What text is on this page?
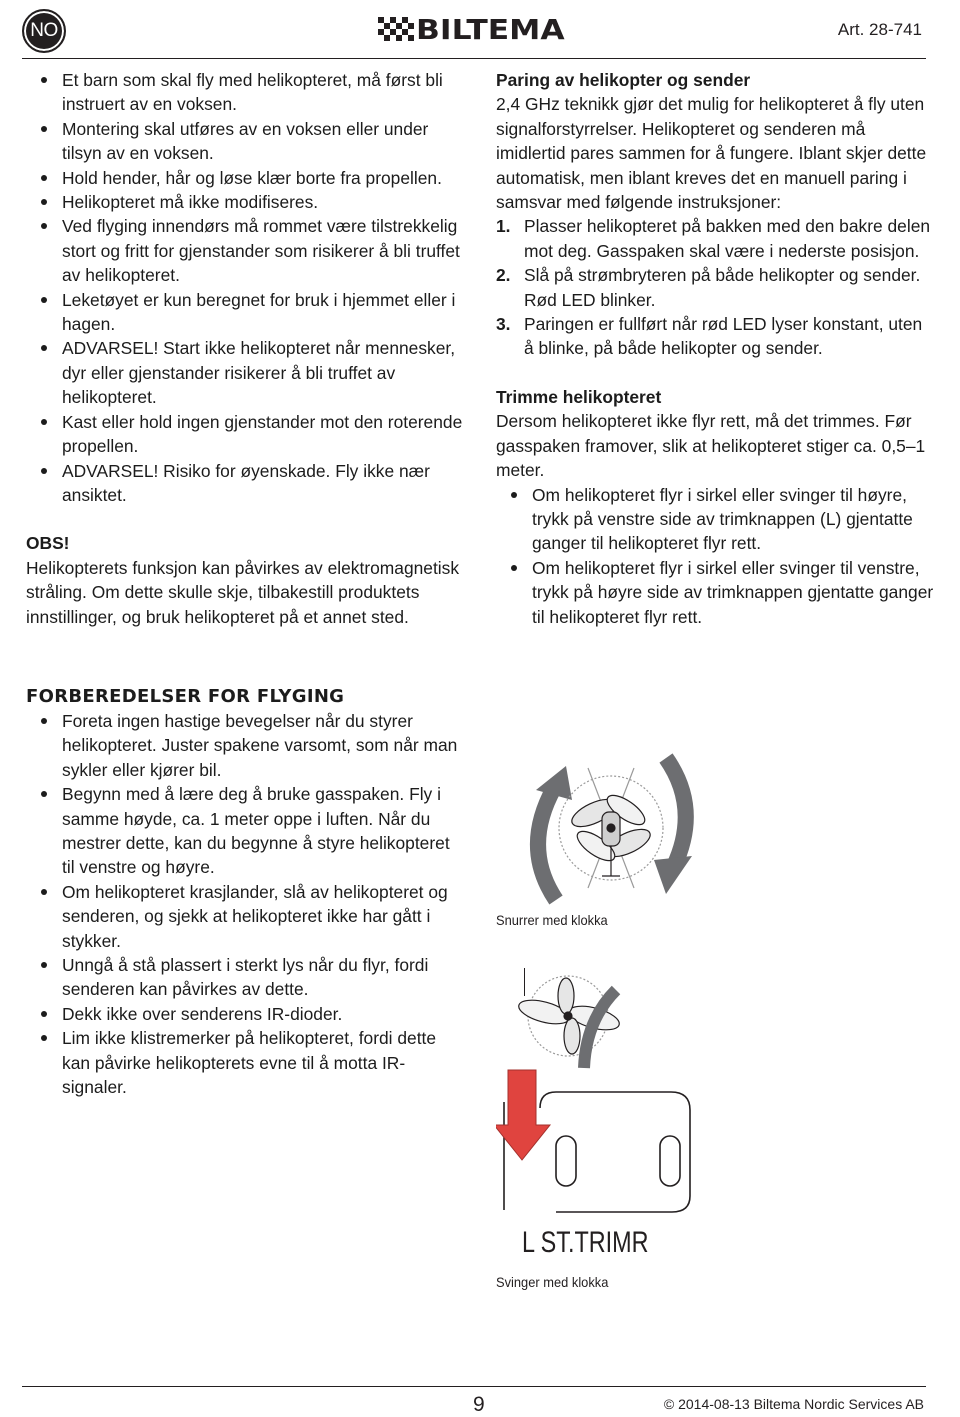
NO	BILTEMA	Art. 28-741
Et barn som skal fly med helikopteret, må først bli instruert av en voksen.
Montering skal utføres av en voksen eller under tilsyn av en voksen.
Hold hender, hår og løse klær borte fra propellen.
Helikopteret må ikke modifiseres.
Ved flyging innendørs må rommet være tilstrekkelig stort og fritt for gjenstander som risikerer å bli truffet av helikopteret.
Leketøyet er kun beregnet for bruk i hjemmet eller i hagen.
ADVARSEL! Start ikke helikopteret når mennesker, dyr eller gjenstander risikerer å bli truffet av helikopteret.
Kast eller hold ingen gjenstander mot den roterende propellen.
ADVARSEL! Risiko for øyenskade. Fly ikke nær ansiktet.
OBS!

Helikopterets funksjon kan påvirkes av elektromagnetisk stråling. Om dette skulle skje, tilbakestill produktets innstillinger, og bruk helikopteret på et annet sted.

FORBEREDELSER FOR FLYGING
Foreta ingen hastige bevegelser når du styrer helikopteret. Juster spakene varsomt, som når man sykler eller kjører bil.
Begynn med å lære deg å bruke gasspaken. Fly i samme høyde, ca. 1 meter oppe i luften. Når du mestrer dette, kan du begynne å styre helikopteret til venstre og høyre.
Om helikopteret krasjlander, slå av helikopteret og senderen, og sjekk at helikopteret ikke har gått i stykker.
Unngå å stå plassert i sterkt lys når du flyr, fordi senderen kan påvirkes av dette.
Dekk ikke over senderens IR-dioder.
Lim ikke klistremerker på helikopteret, fordi dette kan påvirke helikopterets evne til å motta IR-signaler.
Paring av helikopter og sender

2,4 GHz teknikk gjør det mulig for helikopteret å fly uten signalforstyrrelser. Helikopteret og senderen må imidlertid pares sammen for å fungere. Iblant skjer dette automatisk, men iblant kreves det en manuell paring i samsvar med følgende instruksjoner:

1. Plasser helikopteret på bakken med den bakre delen mot deg. Gasspaken skal være i nederste posisjon.
2. Slå på strømbryteren på både helikopter og sender. Rød LED blinker.
3. Paringen er fullført når rød LED lyser konstant, uten å blinke, på både helikopter og sender.
Trimme helikopteret

Dersom helikopteret ikke flyr rett, må det trimmes. Før gasspaken framover, slik at helikopteret stiger ca. 0,5–1 meter.

Om helikopteret flyr i sirkel eller svinger til høyre, trykk på venstre side av trimknappen (L) gjentatte ganger til helikopteret flyr rett.
Om helikopteret flyr i sirkel eller svinger til venstre, trykk på høyre side av trimknappen gjentatte ganger til helikopteret flyr rett.
Snurrer med klokka
L ST.TRIMR
Svinger med klokka
9	© 2014-08-13 Biltema Nordic Services AB
